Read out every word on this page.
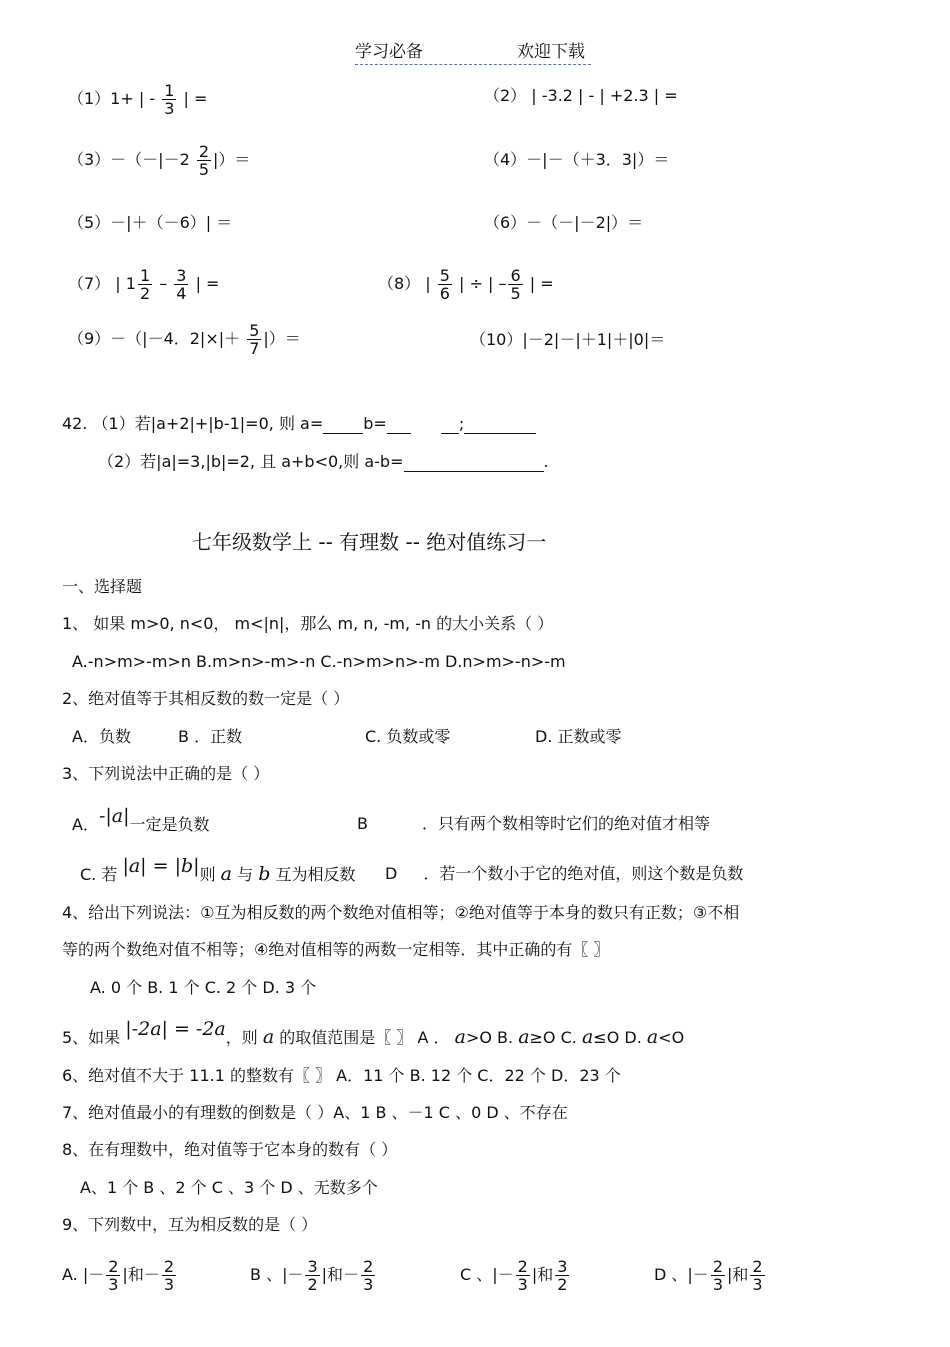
学习必备	欢迎下载
（1）1+ | - $\frac{1}{3}$ | =	（2） | -3.2 | - | +2.3 | =
$(3)-(-|-2 \frac{2}{5}$ |）＝	（4）－|－（＋3．3|）＝
（5）－|＋（－6）| ＝	（6）－（－|－2|）＝
（7） | $1 \frac{1}{2} - \frac{3}{4}$ | =	（8） | $\frac{5}{6}$ | ÷ | – $\frac{6}{5}$ | =
（9）－（|－4．$2|\times|+ \frac{5}{7}$ |）＝	（10）|－2|－|＋1|＋|0|＝
42. （1）若|a+2|+|b-1|=0, 则 a=	b=	;
（2）若|a|=3,|b|=2, 且 a+b<0,则 a-b=	.
七年级数学上 -- 有理数 -- 绝对值练习一
一、选择题
1、 如果 m>0, n<0， m<|n|，那么 m, n, -m, -n 的大小关系（ ）
A.-n>m>-m>n B.m>n>-m>-n C.-n>m>n>-m D.n>m>-n>-m
2、绝对值等于其相反数的数一定是（ ）
A．负数	B ．正数	C. 负数或零	D. 正数或零
3、下列说法中正确的是（ ）
A．-|a|一定是负数	B	．只有两个数相等时它们的绝对值才相等
C. 若 |a| = |b|则 a 与 b 互为相反数 D ．若一个数小于它的绝对值，则这个数是负数
4、给出下列说法：①互为相反数的两个数绝对值相等；②绝对值等于本身的数只有正数；③不相
等的两个数绝对值不相等；④绝对值相等的两数一定相等．其中正确的有〖 〗
A. 0 个 B. 1 个 C. 2 个 D. 3 个
5、如果 |-2a| = -2a，则 a 的取值范围是〖 〗 A ． a>O B. a≥O C. a≤O D. a<O
6、绝对值不大于 11.1 的整数有〖 〗 A．11 个 B. 12 个 C．22 个 D．23 个
7、绝对值最小的有理数的倒数是（ ）A、1 B 、－1 C 、0 D 、不存在
8、在有理数中，绝对值等于它本身的数有（ ）
A、1 个 B 、2 个 C 、3 个 D 、无数多个
9、下列数中，互为相反数的是（ ）
A. |－ $\frac{2}{3}$ |和－ $\frac{2}{3}$	B 、|－ $\frac{3}{2}$ |和－ $\frac{2}{3}$	C 、|－ $\frac{2}{3}$ |和 $\frac{3}{2}$	D 、|－ $\frac{2}{3}$ |和 $\frac{2}{3}$
